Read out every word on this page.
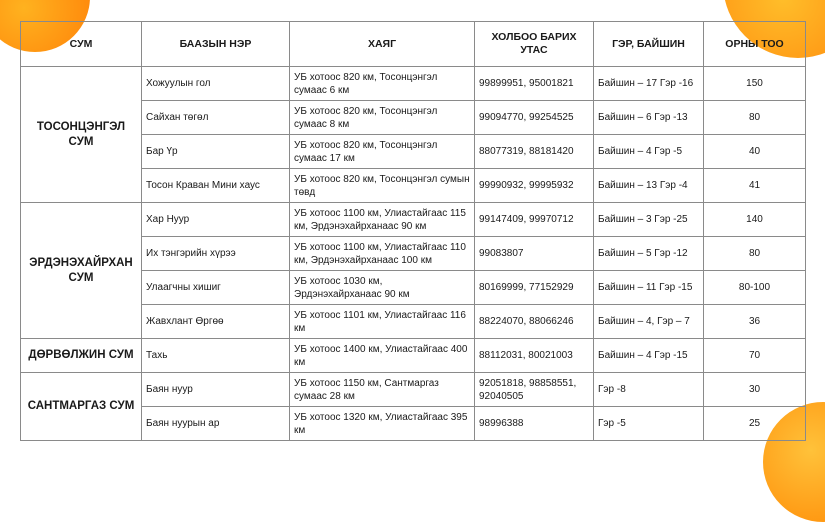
СУМ	БААЗЫН НЭР	ХАЯГ	ХОЛБОО БАРИХ УТАС	ГЭР, БАЙШИН	ОРНЫ ТОО
ТОСОНЦЭНГЭЛ СУМ	Хожуулын гол	УБ хотоос 820 км, Тосонцэнгэл сумаас 6 км	99899951, 95001821	Байшин – 17 Гэр -16	150
	Сайхан төгөл	УБ хотоос 820 км, Тосонцэнгэл сумаас 8 км	99094770, 99254525	Байшин – 6 Гэр -13	80
	Бар Үр	УБ хотоос 820 км, Тосонцэнгэл сумаас 17 км	88077319, 88181420	Байшин – 4 Гэр -5	40
	Тосон Краван Мини хаус	УБ хотоос 820 км, Тосонцэнгэл сумын төвд	99990932, 99995932	Байшин – 13 Гэр -4	41
ЭРДЭНЭХАЙРХАН СУМ	Хар Нуур	УБ хотоос 1100 км, Улиастайгаас 115 км, Эрдэнэхайрханаас 90 км	99147409, 99970712	Байшин – 3 Гэр -25	140
	Их тэнгэрийн хүрээ	УБ хотоос 1100 км, Улиастайгаас 110 км, Эрдэнэхайрханаас 100 км	99083807	Байшин – 5 Гэр -12	80
	Улаагчны хишиг	УБ хотоос 1030 км, Эрдэнэхайрханаас 90 км	80169999, 77152929	Байшин – 11 Гэр -15	80-100
	Жавхлант Өргөө	УБ хотоос 1101 км, Улиастайгаас 116 км	88224070, 88066246	Байшин – 4, Гэр – 7	36
ДӨРВӨЛЖИН СУМ	Тахь	УБ хотоос 1400 км, Улиастайгаас 400 км	88112031, 80021003	Байшин – 4 Гэр -15	70
САНТМАРГАЗ СУМ	Баян нуур	УБ хотоос 1150 км, Сантмаргаз сумаас 28 км	92051818, 98858551, 92040505	Гэр -8	30
	Баян нуурын ар	УБ хотоос 1320 км, Улиастайгаас 395 км	98996388	Гэр -5	25
